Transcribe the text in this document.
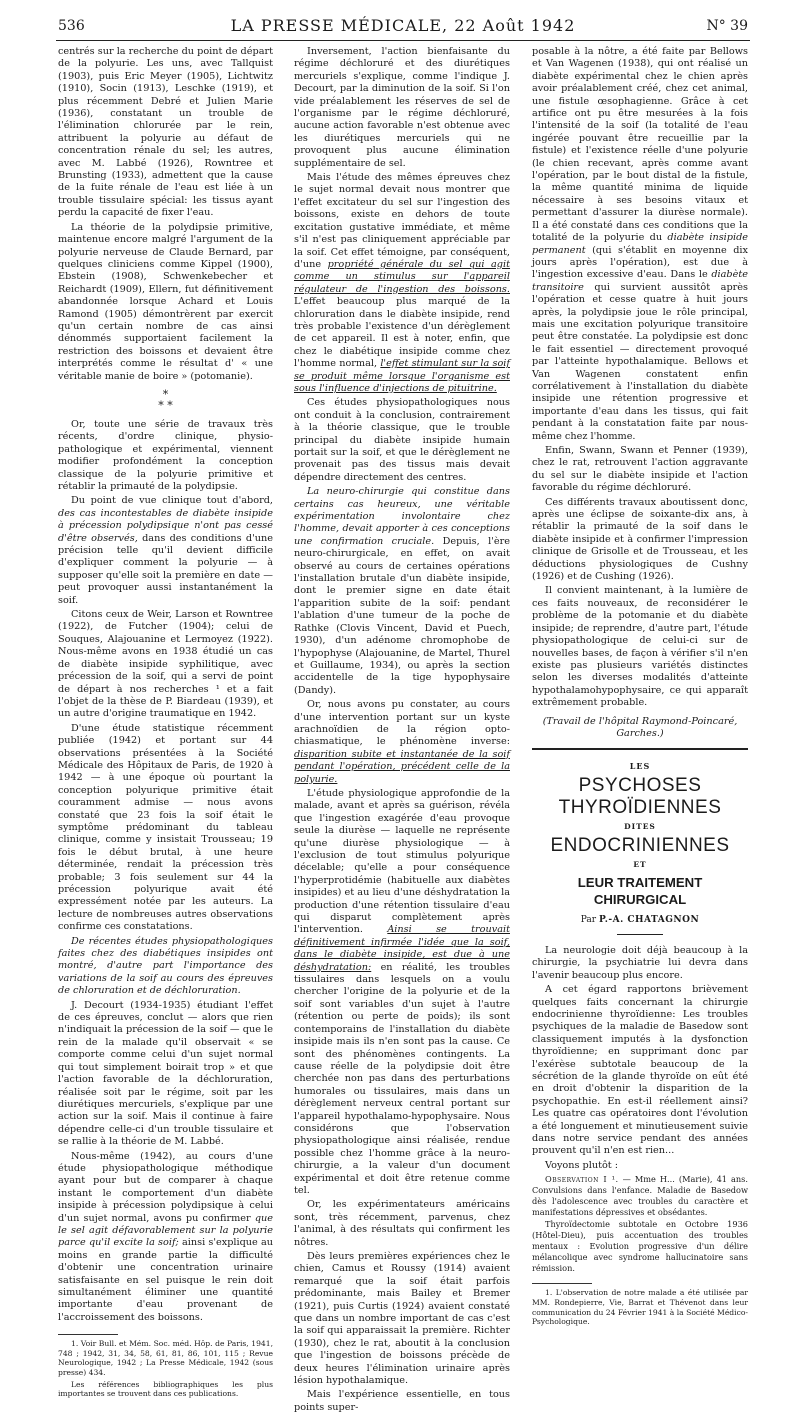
536	LA PRESSE MÉDICALE, 22 Août 1942	N° 39

centrés sur la recherche du point de départ de la polyurie. Les uns, avec Tallquist (1903), puis Eric Meyer (1905), Lichtwitz (1910), Socin (1913), Leschke (1919), et plus récemment Debré et Julien Marie (1936), constatant un trouble de l'élimination chlorurée par le rein, attribuent la polyurie au défaut de concentration rénale du sel; les autres, avec M. Labbé (1926), Rowntree et Brunsting (1933), admettent que la cause de la fuite rénale de l'eau est liée à un trouble tissulaire spécial: les tissus ayant perdu la capacité de fixer l'eau.

La théorie de la polydipsie primitive, maintenue encore malgré l'argument de la polyurie nerveuse de Claude Bernard, par quelques cliniciens comme Kippel (1900), Ebstein (1908), Schwenkebecher et Reichardt (1909), Ellern, fut définitivement abandonnée lorsque Achard et Louis Ramond (1905) démontrèrent par exercit qu'un certain nombre de cas ainsi dénommés supportaient facilement la restriction des boissons et devaient être interprétés comme le résultat d' « une véritable manie de boire » (potomanie).

*
* *

Or, toute une série de travaux très récents, d'ordre clinique, physio-pathologique et expérimental, viennent modifier profondément la conception classique de la polyurie primitive et rétablir la primauté de la polydipsie.

Du point de vue clinique tout d'abord, des cas incontestables de diabète insipide à précession polydipsique n'ont pas cessé d'être observés, dans des conditions d'une précision telle qu'il devient difficile d'expliquer comment la polyurie — à supposer qu'elle soit la première en date — peut provoquer aussi instantanément la soif.

Citons ceux de Weir, Larson et Rowntree (1922), de Futcher (1904); celui de Souques, Alajouanine et Lermoyez (1922). Nous-même avons en 1938 étudié un cas de diabète insipide syphilitique, avec précession de la soif, qui a servi de point de départ à nos recherches ¹ et a fait l'objet de la thèse de P. Biardeau (1939), et un autre d'origine traumatique en 1942.

D'une étude statistique récemment publiée (1942) et portant sur 44 observations présentées à la Société Médicale des Hôpitaux de Paris, de 1920 à 1942 — à une époque où pourtant la conception polyurique primitive était couramment admise — nous avons constaté que 23 fois la soif était le symptôme prédominant du tableau clinique, comme y insistait Trousseau; 19 fois le début brutal, à une heure déterminée, rendait la précession très probable; 3 fois seulement sur 44 la précession polyurique avait été expressément notée par les auteurs. La lecture de nombreuses autres observations confirme ces constatations.

De récentes études physiopathologiques faites chez des diabétiques insipides ont montré, d'autre part l'importance des variations de la soif au cours des épreuves de chloruration et de déchloruration.

J. Decourt (1934-1935) étudiant l'effet de ces épreuves, conclut — alors que rien n'indiquait la précession de la soif — que le rein de la malade qu'il observait « se comporte comme celui d'un sujet normal qui tout simplement boirait trop » et que l'action favorable de la déchloruration, réalisée soit par le régime, soit par les diurétiques mercuriels, s'explique par une action sur la soif. Mais il continue à faire dépendre celle-ci d'un trouble tissulaire et se rallie à la théorie de M. Labbé.

Nous-même (1942), au cours d'une étude physiopathologique méthodique ayant pour but de comparer à chaque instant le comportement d'un diabète insipide à précession polydipsique à celui d'un sujet normal, avons pu confirmer que le sel agit défavorablement sur la polyurie parce qu'il excite la soif; ainsi s'explique au moins en grande partie la difficulté d'obtenir une concentration urinaire satisfaisante en sel puisque le rein doit simultanément éliminer une quantité importante d'eau provenant de l'accroissement des boissons.

1. Voir Bull. et Mém. Soc. méd. Hôp. de Paris, 1941, 748 ; 1942, 31, 34, 58, 61, 81, 86, 101, 115 ; Revue Neurologique, 1942 ; La Presse Médicale, 1942 (sous presse) 434.

Les références bibliographiques les plus importantes se trouvent dans ces publications.

Inversement, l'action bienfaisante du régime déchloruré et des diurétiques mercuriels s'explique, comme l'indique J. Decourt, par la diminution de la soif. Si l'on vide préalablement les réserves de sel de l'organisme par le régime déchloruré, aucune action favorable n'est obtenue avec les diurétiques mercuriels qui ne provoquent plus aucune élimination supplémentaire de sel.

Mais l'étude des mêmes épreuves chez le sujet normal devait nous montrer que l'effet excitateur du sel sur l'ingestion des boissons, existe en dehors de toute excitation gustative immédiate, et même s'il n'est pas cliniquement appréciable par la soif. Cet effet témoigne, par conséquent, d'une propriété générale du sel qui agit comme un stimulus sur l'appareil régulateur de l'ingestion des boissons. L'effet beaucoup plus marqué de la chloruration dans le diabète insipide, rend très probable l'existence d'un dérèglement de cet appareil. Il est à noter, enfin, que chez le diabétique insipide comme chez l'homme normal, l'effet stimulant sur la soif se produit même lorsque l'organisme est sous l'influence d'injections de pituitrine.

Ces études physiopathologiques nous ont conduit à la conclusion, contrairement à la théorie classique, que le trouble principal du diabète insipide humain portait sur la soif, et que le dérèglement ne provenait pas des tissus mais devait dépendre directement des centres.

La neuro-chirurgie qui constitue dans certains cas heureux, une véritable expérimentation involontaire chez l'homme, devait apporter à ces conceptions une confirmation cruciale. Depuis, l'ère neuro-chirurgicale, en effet, on avait observé au cours de certaines opérations l'installation brutale d'un diabète insipide, dont le premier signe en date était l'apparition subite de la soif: pendant l'ablation d'une tumeur de la poche de Rathke (Clovis Vincent, David et Puech, 1930), d'un adénome chromophobe de l'hypophyse (Alajouanine, de Martel, Thurel et Guillaume, 1934), ou après la section accidentelle de la tige hypophysaire (Dandy).

Or, nous avons pu constater, au cours d'une intervention portant sur un kyste arachnoïdien de la région opto-chiasmatique, le phénomène inverse: disparition subite et instantanée de la soif pendant l'opération, précédent celle de la polyurie.

L'étude physiologique approfondie de la malade, avant et après sa guérison, révéla que l'ingestion exagérée d'eau provoque seule la diurèse — laquelle ne représente qu'une diurèse physiologique — à l'exclusion de tout stimulus polyurique décelable; qu'elle a pour conséquence l'hyperprotidémie (habituelle aux diabètes insipides) et au lieu d'une déshydratation la production d'une rétention tissulaire d'eau qui disparut complètement après l'intervention. Ainsi se trouvait définitivement infirmée l'idée que la soif, dans le diabète insipide, est due à une déshydratation: en réalité, les troubles tissulaires dans lesquels on a voulu chercher l'origine de la polyurie et de la soif sont variables d'un sujet à l'autre (rétention ou perte de poids); ils sont contemporains de l'installation du diabète insipide mais ils n'en sont pas la cause. Ce sont des phénomènes contingents. La cause réelle de la polydipsie doit être cherchée non pas dans des perturbations humorales ou tissulaires, mais dans un dérèglement nerveux central portant sur l'appareil hypothalamo-hypophysaire. Nous considérons que l'observation physiopathologique ainsi réalisée, rendue possible chez l'homme grâce à la neuro-chirurgie, a la valeur d'un document expérimental et doit être retenue comme tel.

Or, les expérimentateurs américains sont, très récemment, parvenus, chez l'animal, à des résultats qui confirment les nôtres.

Dès leurs premières expériences chez le chien, Camus et Roussy (1914) avaient remarqué que la soif était parfois prédominante, mais Bailey et Bremer (1921), puis Curtis (1924) avaient constaté que dans un nombre important de cas c'est la soif qui apparaissait la première. Richter (1930), chez le rat, aboutit à la conclusion que l'ingestion de boissons précède de deux heures l'élimination urinaire après lésion hypothalamique.

Mais l'expérience essentielle, en tous points super-

posable à la nôtre, a été faite par Bellows et Van Wagenen (1938), qui ont réalisé un diabète expérimental chez le chien après avoir préalablement créé, chez cet animal, une fistule œsophagienne. Grâce à cet artifice ont pu être mesurées à la fois l'intensité de la soif (la totalité de l'eau ingérée pouvant être recueillie par la fistule) et l'existence réelle d'une polyurie (le chien recevant, après comme avant l'opération, par le bout distal de la fistule, la même quantité minima de liquide nécessaire à ses besoins vitaux et permettant d'assurer la diurèse normale). Il a été constaté dans ces conditions que la totalité de la polyurie du diabète insipide permanent (qui s'établit en moyenne dix jours après l'opération), est due à l'ingestion excessive d'eau. Dans le diabète transitoire qui survient aussitôt après l'opération et cesse quatre à huit jours après, la polydipsie joue le rôle principal, mais une excitation polyurique transitoire peut être constatée. La polydipsie est donc le fait essentiel — directement provoqué par l'atteinte hypothalamique. Bellows et Van Wagenen constatent enfin corrélativement à l'installation du diabète insipide une rétention progressive et importante d'eau dans les tissus, qui fait pendant à la constatation faite par nous-même chez l'homme.

Enfin, Swann, Swann et Penner (1939), chez le rat, retrouvent l'action aggravante du sel sur le diabète insipide et l'action favorable du régime déchloruré.

Ces différents travaux aboutissent donc, après une éclipse de soixante-dix ans, à rétablir la primauté de la soif dans le diabète insipide et à confirmer l'impression clinique de Grisolle et de Trousseau, et les déductions physiologiques de Cushny (1926) et de Cushing (1926).

Il convient maintenant, à la lumière de ces faits nouveaux, de reconsidérer le problème de la potomanie et du diabète insipide; de reprendre, d'autre part, l'étude physiopathologique de celui-ci sur de nouvelles bases, de façon à vérifier s'il n'en existe pas plusieurs variétés distinctes selon les diverses modalités d'atteinte hypothalamohypophysaire, ce qui apparaît extrêmement probable.

(Travail de l'hôpital Raymond-Poincaré, Garches.)
LES
PSYCHOSES THYROÏDIENNES
DITES
ENDOCRINIENNES
ET
LEUR TRAITEMENT CHIRURGICAL
Par P.-A. CHATAGNON

La neurologie doit déjà beaucoup à la chirurgie, la psychiatrie lui devra dans l'avenir beaucoup plus encore.

A cet égard rapportons brièvement quelques faits concernant la chirurgie endocrinienne thyroïdienne: Les troubles psychiques de la maladie de Basedow sont classiquement imputés à la dysfonction thyroïdienne; en supprimant donc par l'exérèse subtotale beaucoup de la sécrétion de la glande thyroïde on eût été en droit d'obtenir la disparition de la psychopathie. En est-il réellement ainsi? Les quatre cas opératoires dont l'évolution a été longuement et minutieusement suivie dans notre service pendant des années prouvent qu'il n'en est rien...

Voyons plutôt :

Observation I ¹. — Mme H... (Marie), 41 ans. Convulsions dans l'enfance. Maladie de Basedow dès l'adolescence avec troubles du caractère et manifestations dépressives et obsédantes.

Thyroïdectomie subtotale en Octobre 1936 (Hôtel-Dieu), puis accentuation des troubles mentaux : Evolution progressive d'un délire mélancolique avec syndrome hallucinatoire sans rémission.

1. L'observation de notre malade a été utilisée par MM. Rondepierre, Vie, Barrat et Thévenot dans leur communication du 24 Février 1941 à la Société Médico-Psychologique.
